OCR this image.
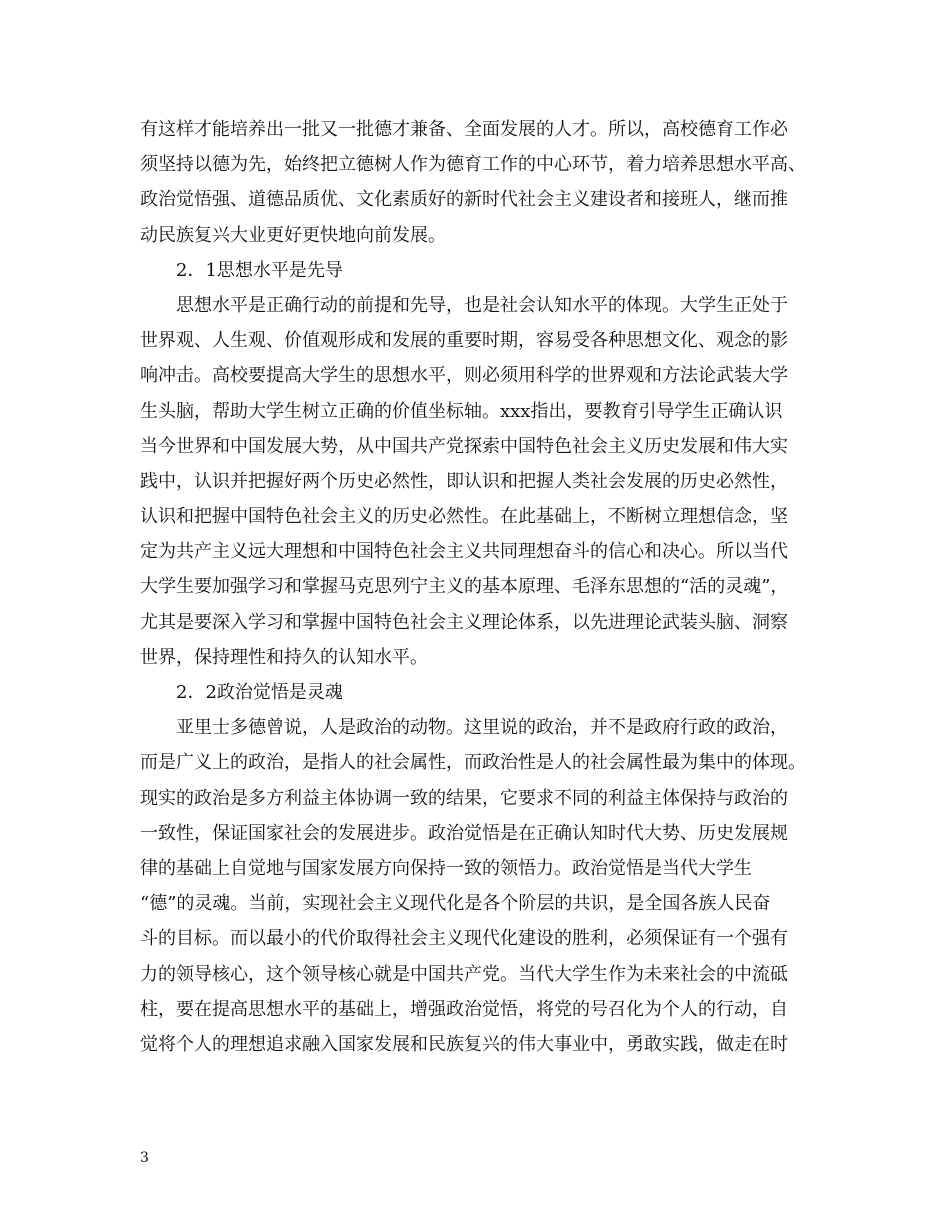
有这样才能培养出一批又一批德才兼备、全面发展的人才。所以，高校德育工作必
须坚持以德为先，始终把立德树人作为德育工作的中心环节，着力培养思想水平高、
政治觉悟强、道德品质优、文化素质好的新时代社会主义建设者和接班人，继而推
动民族复兴大业更好更快地向前发展。
2．1思想水平是先导
思想水平是正确行动的前提和先导，也是社会认知水平的体现。大学生正处于
世界观、人生观、价值观形成和发展的重要时期，容易受各种思想文化、观念的影
响冲击。高校要提高大学生的思想水平，则必须用科学的世界观和方法论武装大学
生头脑，帮助大学生树立正确的价值坐标轴。xxx指出，要教育引导学生正确认识
当今世界和中国发展大势，从中国共产党探索中国特色社会主义历史发展和伟大实
践中，认识并把握好两个历史必然性，即认识和把握人类社会发展的历史必然性，
认识和把握中国特色社会主义的历史必然性。在此基础上，不断树立理想信念，坚
定为共产主义远大理想和中国特色社会主义共同理想奋斗的信心和决心。所以当代
大学生要加强学习和掌握马克思列宁主义的基本原理、毛泽东思想的“活的灵魂”，
尤其是要深入学习和掌握中国特色社会主义理论体系，以先进理论武装头脑、洞察
世界，保持理性和持久的认知水平。
2．2政治觉悟是灵魂
亚里士多德曾说，人是政治的动物。这里说的政治，并不是政府行政的政治，
而是广义上的政治，是指人的社会属性，而政治性是人的社会属性最为集中的体现。
现实的政治是多方利益主体协调一致的结果，它要求不同的利益主体保持与政治的
一致性，保证国家社会的发展进步。政治觉悟是在正确认知时代大势、历史发展规
律的基础上自觉地与国家发展方向保持一致的领悟力。政治觉悟是当代大学生
“德”的灵魂。当前，实现社会主义现代化是各个阶层的共识，是全国各族人民奋
斗的目标。而以最小的代价取得社会主义现代化建设的胜利，必须保证有一个强有
力的领导核心，这个领导核心就是中国共产党。当代大学生作为未来社会的中流砥
柱，要在提高思想水平的基础上，增强政治觉悟，将党的号召化为个人的行动，自
觉将个人的理想追求融入国家发展和民族复兴的伟大事业中，勇敢实践，做走在时
3
